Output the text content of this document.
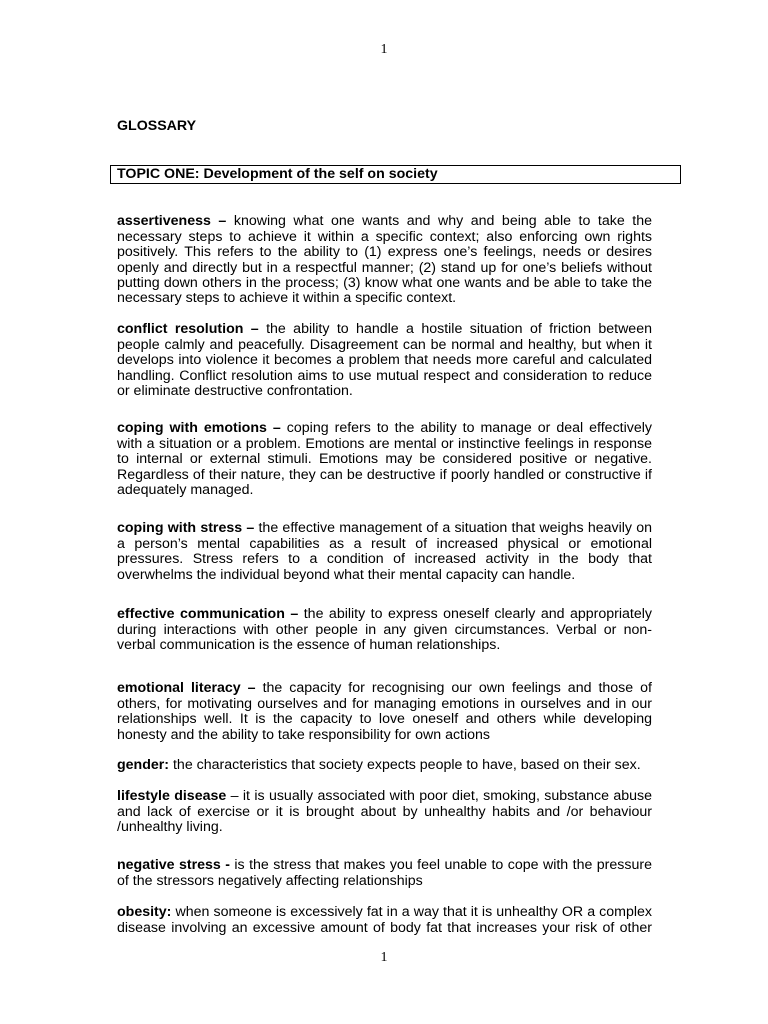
1
GLOSSARY
TOPIC ONE: Development of the self on society

assertiveness – knowing what one wants and why and being able to take the necessary steps to achieve it within a specific context; also enforcing own rights positively. This refers to the ability to (1) express one’s feelings, needs or desires openly and directly but in a respectful manner; (2) stand up for one’s beliefs without putting down others in the process; (3) know what one wants and be able to take the necessary steps to achieve it within a specific context.

conflict resolution – the ability to handle a hostile situation of friction between people calmly and peacefully. Disagreement can be normal and healthy, but when it develops into violence it becomes a problem that needs more careful and calculated handling. Conflict resolution aims to use mutual respect and consideration to reduce or eliminate destructive confrontation.

coping with emotions – coping refers to the ability to manage or deal effectively with a situation or a problem. Emotions are mental or instinctive feelings in response to internal or external stimuli. Emotions may be considered positive or negative. Regardless of their nature, they can be destructive if poorly handled or constructive if adequately managed.

coping with stress – the effective management of a situation that weighs heavily on a person’s mental capabilities as a result of increased physical or emotional pressures. Stress refers to a condition of increased activity in the body that overwhelms the individual beyond what their mental capacity can handle.

effective communication – the ability to express oneself clearly and appropriately during interactions with other people in any given circumstances. Verbal or non-verbal communication is the essence of human relationships.

emotional literacy – the capacity for recognising our own feelings and those of others, for motivating ourselves and for managing emotions in ourselves and in our relationships well. It is the capacity to love oneself and others while developing honesty and the ability to take responsibility for own actions

gender: the characteristics that society expects people to have, based on their sex.

lifestyle disease – it is usually associated with poor diet, smoking, substance abuse and lack of exercise or it is brought about by unhealthy habits and /or behaviour /unhealthy living.

negative stress - is the stress that makes you feel unable to cope with the pressure of the stressors negatively affecting relationships

obesity: when someone is excessively fat in a way that it is unhealthy OR a complex disease involving an excessive amount of body fat that increases your risk of other

1
